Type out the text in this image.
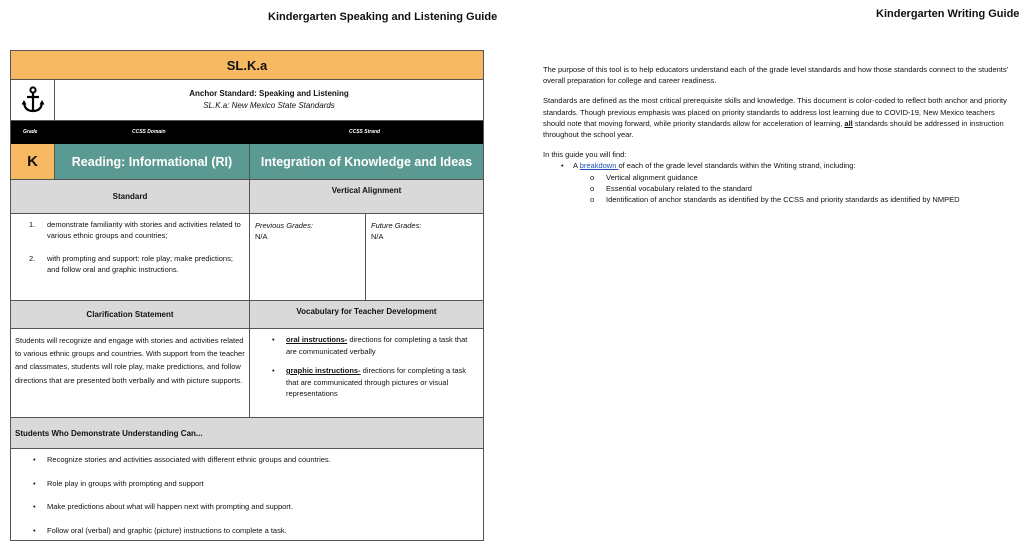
Kindergarten Speaking and Listening Guide	Kindergarten Writing Guide
SL.K.a
Anchor Standard: Speaking and Listening
SL.K.a: New Mexico State Standards
Grade	CCSS Domain	CCSS Strand
K	Reading: Informational (RI)	Integration of Knowledge and Ideas
Standard
Vertical Alignment
1. demonstrate familiarity with stories and activities related to various ethnic groups and countries;
2. with prompting and support: role play; make predictions; and follow oral and graphic instructions.
Previous Grades:
N/A
Future Grades:
N/A
Clarification Statement	Vocabulary for Teacher Development
Students will recognize and engage with stories and activities related to various ethnic groups and countries. With support from the teacher and classmates, students will role play, make predictions, and follow directions that are presented both verbally and with picture supports.
• oral instructions- directions for completing a task that are communicated verbally
• graphic instructions- directions for completing a task that are communicated through pictures or visual representations
Students Who Demonstrate Understanding Can...
• Recognize stories and activities associated with different ethnic groups and countries.
• Role play in groups with prompting and support
• Make predictions about what will happen next with prompting and support.
• Follow oral (verbal) and graphic (picture) instructions to complete a task.

The purpose of this tool is to help educators understand each of the grade level standards and how those standards connect to the students' overall preparation for college and career readiness.

Standards are defined as the most critical prerequisite skills and knowledge. This document is color-coded to reflect both anchor and priority standards. Though previous emphasis was placed on priority standards to address lost learning due to COVID-19, New Mexico teachers should note that moving forward, while priority standards allow for acceleration of learning, all standards should be addressed in instruction throughout the school year.

In this guide you will find:

• A breakdown of each of the grade level standards within the Writing strand, including:
o Vertical alignment guidance
o Essential vocabulary related to the standard
o Identification of anchor standards as identified by the CCSS and priority standards as identified by NMPED
